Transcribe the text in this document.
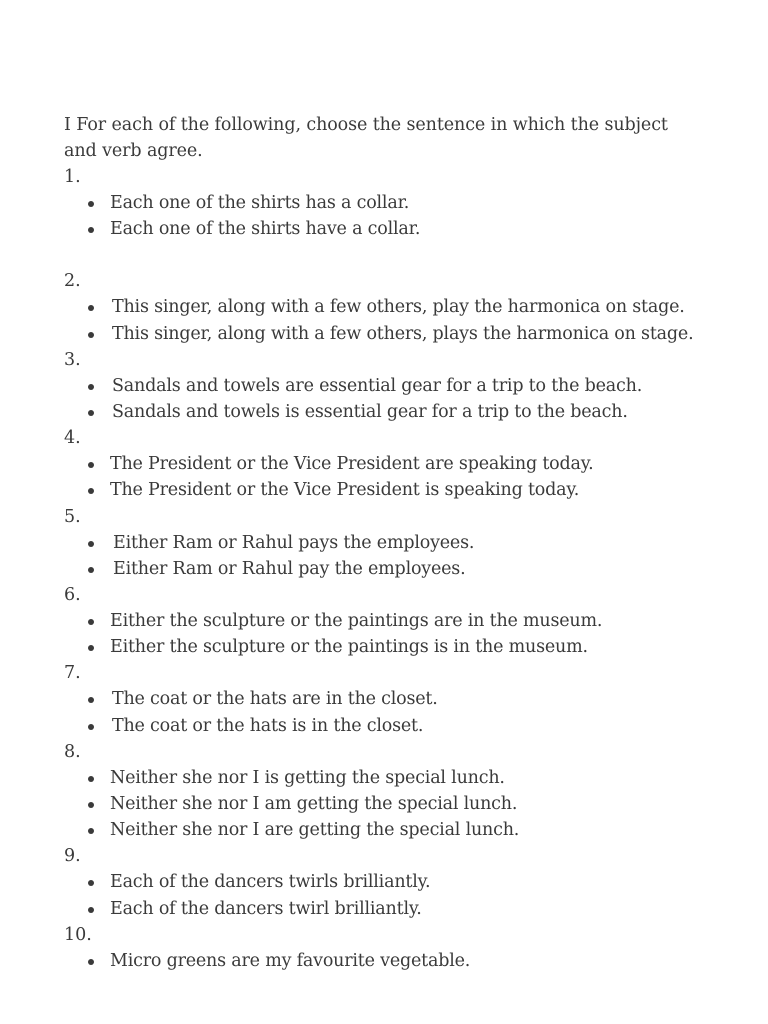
I For each of the following, choose the sentence in which the subject and verb agree.

1.
Each one of the shirts has a collar.
Each one of the shirts have a collar.
2.
This singer, along with a few others, play the harmonica on stage.
This singer, along with a few others, plays the harmonica on stage.
3.
Sandals and towels are essential gear for a trip to the beach.
Sandals and towels is essential gear for a trip to the beach.
4.
The President or the Vice President are speaking today.
The President or the Vice President is speaking today.
5.
Either Ram or Rahul pays the employees.
Either Ram or Rahul pay the employees.
6.
Either the sculpture or the paintings are in the museum.
Either the sculpture or the paintings is in the museum.
7.
The coat or the hats are in the closet.
The coat or the hats is in the closet.
8.
Neither she nor I is getting the special lunch.
Neither she nor I am getting the special lunch.
Neither she nor I are getting the special lunch.
9.
Each of the dancers twirls brilliantly.
Each of the dancers twirl brilliantly.
10.
Micro greens are my favourite vegetable.
